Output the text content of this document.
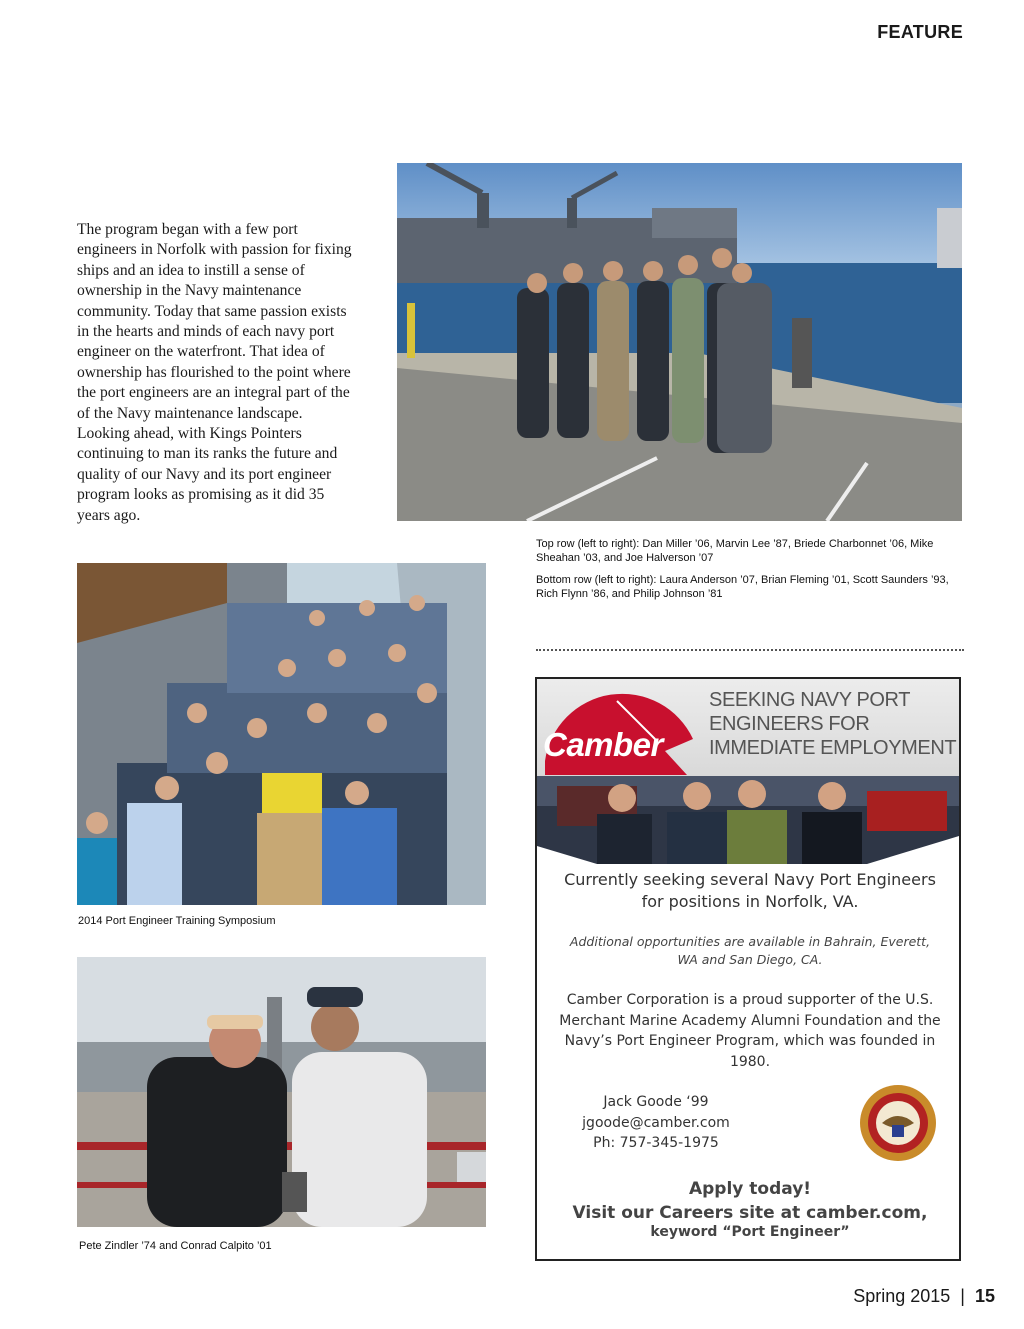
FEATURE
The program began with a few port engineers in Norfolk with passion for fixing ships and an idea to instill a sense of ownership in the Navy maintenance community. Today that same passion exists in the hearts and minds of each navy port engineer on the waterfront. That idea of ownership has flourished to the point where the port engineers are an integral part of the of the Navy maintenance landscape. Looking ahead, with Kings Pointers continuing to man its ranks the future and quality of our Navy and its port engineer program looks as promising as it did 35 years ago.

Top row (left to right): Dan Miller ’06, Marvin Lee ’87, Briede Charbonnet ’06, Mike Sheahan ’03, and Joe Halverson ’07

Bottom row (left to right): Laura Anderson ’07, Brian Fleming ’01, Scott Saunders ’93, Rich Flynn ’86, and Philip Johnson ’81

2014 Port Engineer Training Symposium
Pete Zindler ’74 and Conrad Calpito ’01
Camber
SEEKING NAVY PORT ENGINEERS FOR IMMEDIATE EMPLOYMENT
Currently seeking several Navy Port Engineers for positions in Norfolk, VA.
Additional opportunities are available in Bahrain, Everett, WA and San Diego, CA.
Camber Corporation is a proud supporter of the U.S. Merchant Marine Academy Alumni Foundation and the Navy’s Port Engineer Program, which was founded in 1980.
Jack Goode ‘99
jgoode@camber.com
Ph: 757-345-1975
Apply today!
Visit our Careers site at camber.com,
keyword “Port Engineer”
Spring 2015 | 15
